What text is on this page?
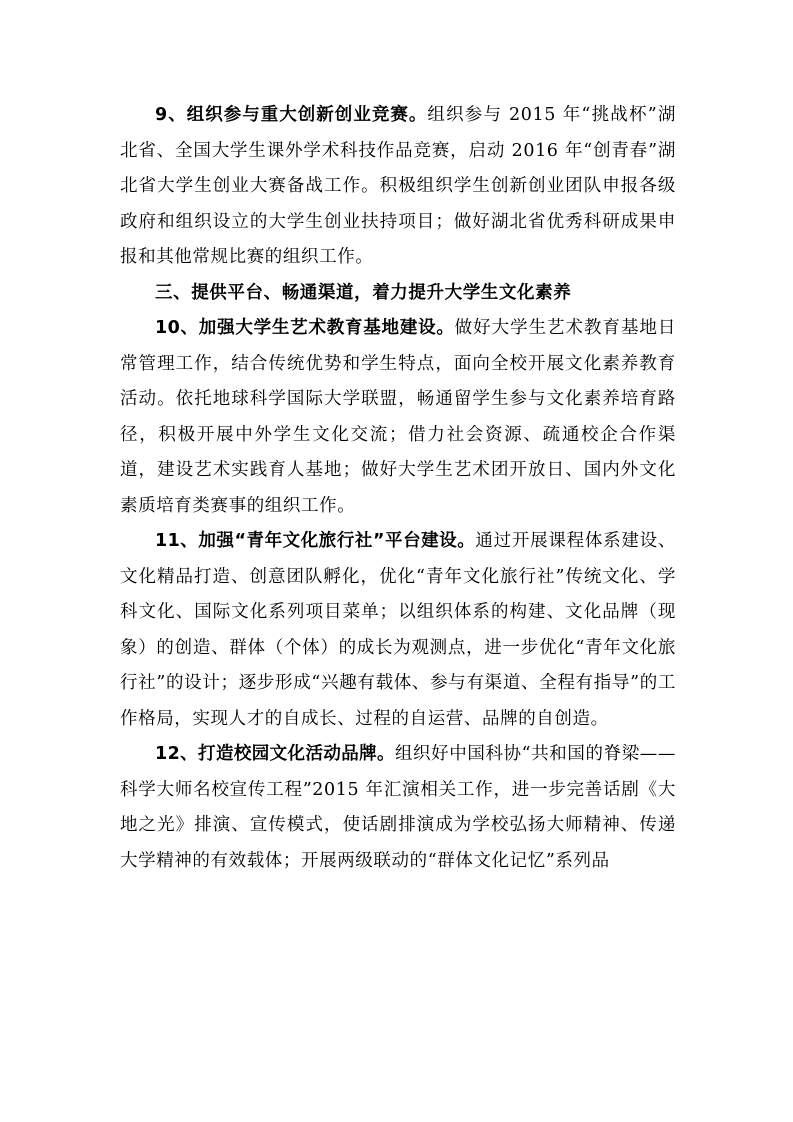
9、组织参与重大创新创业竞赛。组织参与 2015 年“挑战杯”湖北省、全国大学生课外学术科技作品竞赛，启动 2016 年“创青春”湖北省大学生创业大赛备战工作。积极组织学生创新创业团队申报各级政府和组织设立的大学生创业扶持项目；做好湖北省优秀科研成果申报和其他常规比赛的组织工作。

三、提供平台、畅通渠道，着力提升大学生文化素养

10、加强大学生艺术教育基地建设。做好大学生艺术教育基地日常管理工作，结合传统优势和学生特点，面向全校开展文化素养教育活动。依托地球科学国际大学联盟，畅通留学生参与文化素养培育路径，积极开展中外学生文化交流；借力社会资源、疏通校企合作渠道，建设艺术实践育人基地；做好大学生艺术团开放日、国内外文化素质培育类赛事的组织工作。

11、加强“青年文化旅行社”平台建设。通过开展课程体系建设、文化精品打造、创意团队孵化，优化“青年文化旅行社”传统文化、学科文化、国际文化系列项目菜单；以组织体系的构建、文化品牌（现象）的创造、群体（个体）的成长为观测点，进一步优化“青年文化旅行社”的设计；逐步形成“兴趣有载体、参与有渠道、全程有指导”的工作格局，实现人才的自成长、过程的自运营、品牌的自创造。

12、打造校园文化活动品牌。组织好中国科协“共和国的脊梁——科学大师名校宣传工程”2015 年汇演相关工作，进一步完善话剧《大地之光》排演、宣传模式，使话剧排演成为学校弘扬大师精神、传递大学精神的有效载体；开展两级联动的“群体文化记忆”系列品
